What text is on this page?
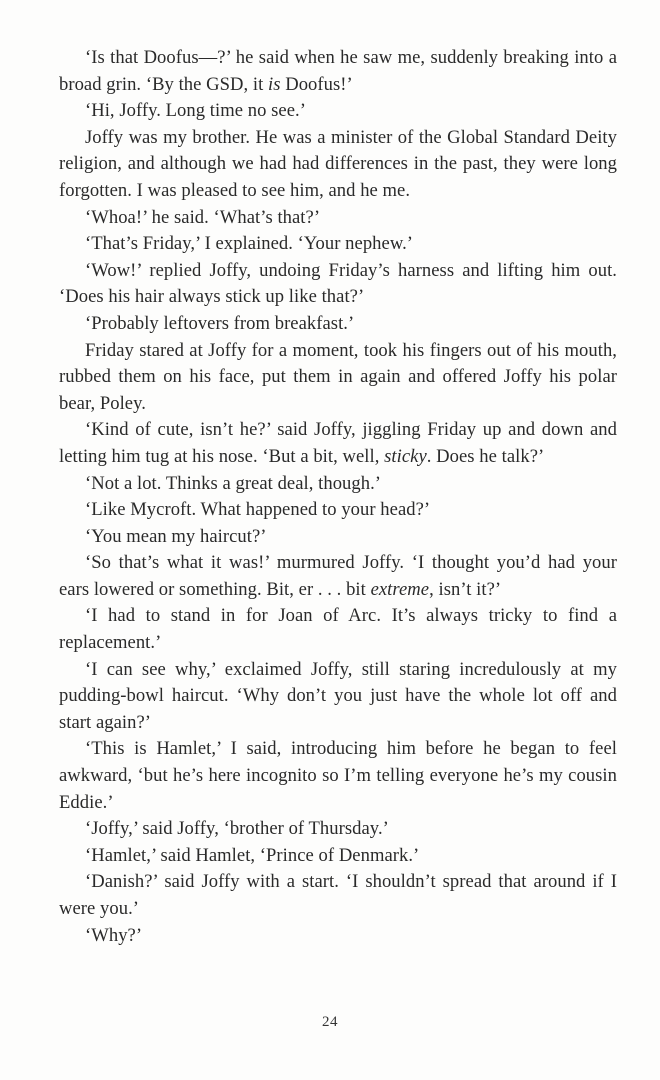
‘Is that Doofus—?’ he said when he saw me, suddenly breaking into a broad grin. ‘By the GSD, it is Doofus!’

‘Hi, Joffy. Long time no see.’

Joffy was my brother. He was a minister of the Global Standard Deity religion, and although we had had differences in the past, they were long forgotten. I was pleased to see him, and he me.

‘Whoa!’ he said. ‘What’s that?’

‘That’s Friday,’ I explained. ‘Your nephew.’

‘Wow!’ replied Joffy, undoing Friday’s harness and lifting him out. ‘Does his hair always stick up like that?’

‘Probably leftovers from breakfast.’

Friday stared at Joffy for a moment, took his fingers out of his mouth, rubbed them on his face, put them in again and offered Joffy his polar bear, Poley.

‘Kind of cute, isn’t he?’ said Joffy, jiggling Friday up and down and letting him tug at his nose. ‘But a bit, well, sticky. Does he talk?’

‘Not a lot. Thinks a great deal, though.’

‘Like Mycroft. What happened to your head?’

‘You mean my haircut?’

‘So that’s what it was!’ murmured Joffy. ‘I thought you’d had your ears lowered or something. Bit, er . . . bit extreme, isn’t it?’

‘I had to stand in for Joan of Arc. It’s always tricky to find a replacement.’

‘I can see why,’ exclaimed Joffy, still staring incredulously at my pudding-bowl haircut. ‘Why don’t you just have the whole lot off and start again?’

‘This is Hamlet,’ I said, introducing him before he began to feel awkward, ‘but he’s here incognito so I’m telling everyone he’s my cousin Eddie.’

‘Joffy,’ said Joffy, ‘brother of Thursday.’

‘Hamlet,’ said Hamlet, ‘Prince of Denmark.’

‘Danish?’ said Joffy with a start. ‘I shouldn’t spread that around if I were you.’

‘Why?’

24
